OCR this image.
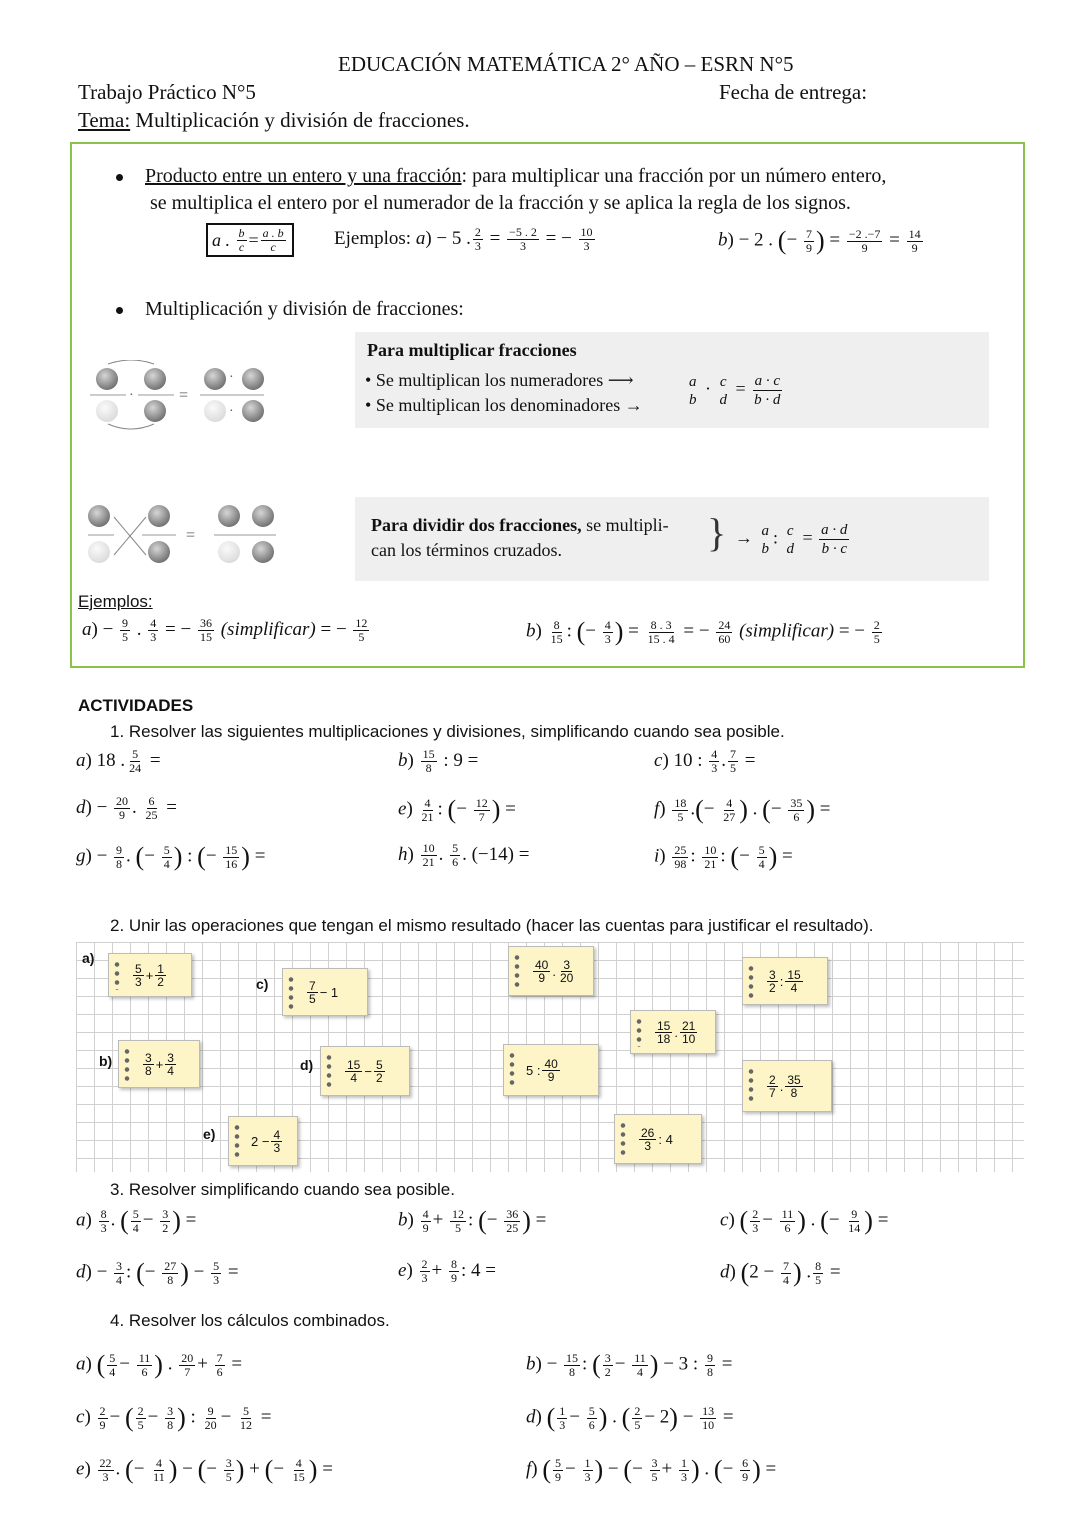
EDUCACIÓN MATEMÁTICA 2° AÑO – ESRN N°5
Trabajo Práctico N°5	Fecha de entrega:
Tema: Multiplicación y división de fracciones.
Producto entre un entero y una fracción: para multiplicar una fracción por un número entero,
se multiplica el entero por el numerador de la fracción y se aplica la regla de los signos.
a .
b
c = a . b
c	Ejemplos: a) − 5 . $\frac{2}{3} = \frac{-5 . 2}{3}$ = − $\frac{10}{3}$	b) − 2 . (− $\frac{7}{9}$ ) = $\frac{-2 .-7}{9} = \frac{14}{9}$
Multiplicación y división de fracciones:
·	=
·
·
Para multiplicar fracciones
• Se multiplican los numeradores ⟶
• Se multiplican los denominadores →
a
b
· c
d
= $\frac{a \cdot c}{b \cdot d}$
=
Para dividir dos fracciones, se multipli-
can los términos cruzados.	} → a
b
: c
d
= $\frac{a \cdot d}{b \cdot c}$
Ejemplos:
$a) - \frac{9}{5}$ . $\frac{4}{3}$ = − $\frac{36}{15}$ (simplificar) = − $\frac{12}{5}$	$b) \frac{8}{15}$ : (− $\frac{4}{3}$ ) = $\frac{8 . 3}{15 . 4}$ = − $\frac{24}{60}$ (simplificar) = − $\frac{2}{5}$
ACTIVIDADES
1. Resolver las siguientes multiplicaciones y divisiones, simplificando cuando sea posible.
a) 18 . $\frac{5}{24}$ =	$b) \frac{15}{8}$ : 9 =	c) 10 : $\frac{4}{3}$ . $\frac{7}{5}$ =
$d) - \frac{20}{9}$ . $\frac{6}{25}$ =	$e) \frac{4}{21}$ : (− $\frac{12}{7}$ ) =	$f) \frac{18}{5}$ .(− $\frac{4}{27}$ ) . (− $\frac{35}{6}$ ) =
$g) - \frac{9}{8}$ . (− $\frac{5}{4}$ ) : (− $\frac{15}{16}$ ) =	$h) \frac{10}{21}$ . $\frac{5}{6}$ . (−14) =	$i) \frac{25}{98}$ : $\frac{10}{21}$ : (− $\frac{5}{4}$ ) =
2. Unir las operaciones que tengan el mismo resultado (hacer las cuentas para justificar el resultado).
a)
5
3 + 1
2	c)	7
5 − 1
40
9 . 3
20	3
2 : 15
4
15
18 . 21
10
b)	3
8 + 3
4	d)	15
4 − 5
2	5 : 40
9	2
7 . 35
8
e)	2 − 4
3
26
3 : 4
3. Resolver simplificando cuando sea posible.
$a) \frac{8}{3}$ . ( $\frac{5}{4} - \frac{3}{2}$ ) =	$b) \frac{4}{9} + \frac{12}{5}$ : (− $\frac{36}{25}$ ) =	c) ( $\frac{2}{3} - \frac{11}{6}$ ) . (− $\frac{9}{14}$ ) =
$d) - \frac{3}{4}$ : (− $\frac{27}{8}$ ) − $\frac{5}{3}$ =	$e) \frac{2}{3} + \frac{8}{9}$ : 4 =	d) ($2 - \frac{7}{4}$ ) . $\frac{8}{5}$ =
4. Resolver los cálculos combinados.
a) ( $\frac{5}{4} - \frac{11}{6}$ ) . $\frac{20}{7} + \frac{7}{6}$ =	$b) - \frac{15}{8}$ : ( $\frac{3}{2} - \frac{11}{4}$ ) − 3 : $\frac{9}{8}$ =
$c) \frac{2}{9}$ − ( $\frac{2}{5} - \frac{3}{8}$ ) : $\frac{9}{20} - \frac{5}{12}$ =	d) ( $\frac{1}{3} - \frac{5}{6}$ ) . ( $\frac{2}{5} - 2) - \frac{13}{10}$ =
$e) \frac{22}{3}$ . (− $\frac{4}{11}$ ) − (− $\frac{3}{5}$ ) + (− $\frac{4}{15}$ ) =	f) ( $\frac{5}{9} - \frac{1}{3}$ ) − (− $\frac{3}{5} + \frac{1}{3}$ ) . (− $\frac{6}{9}$ ) =
